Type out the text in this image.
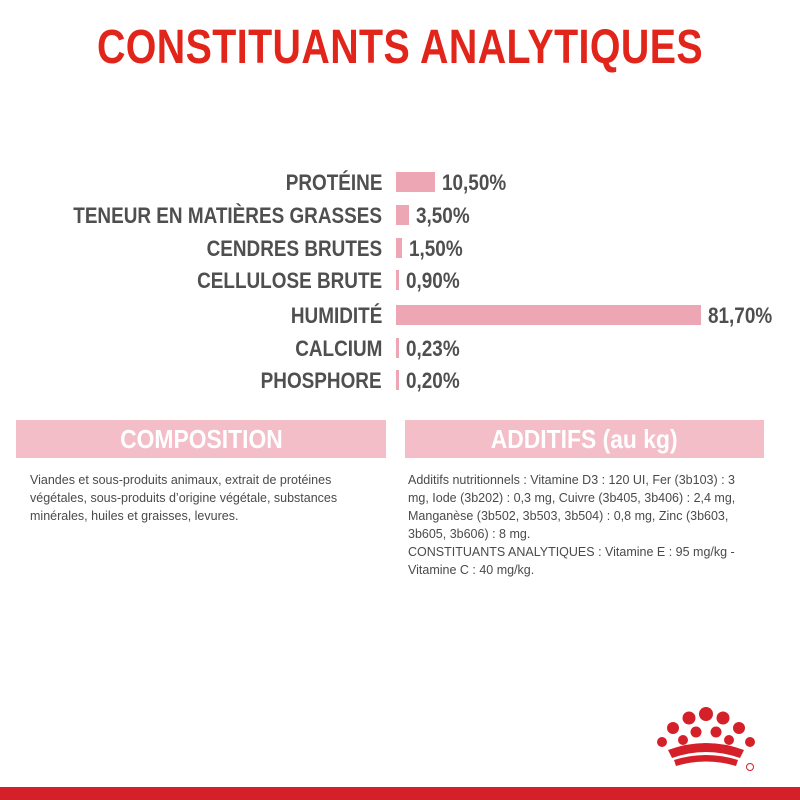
CONSTITUANTS ANALYTIQUES
PROTÉINE	10,50%
TENEUR EN MATIÈRES GRASSES 3,50%
CENDRES BRUTES 1,50%
CELLULOSE BRUTE 0,90%
HUMIDITÉ	81,70%
CALCIUM 0,23%
PHOSPHORE 0,20%
COMPOSITION	ADDITIFS (au kg)
Viandes et sous-produits animaux, extrait de protéines végétales, sous-produits d’origine végétale, substances minérales, huiles et graisses, levures.
Additifs nutritionnels : Vitamine D3 : 120 UI, Fer (3b103) : 3 mg, Iode (3b202) : 0,3 mg, Cuivre (3b405, 3b406) : 2,4 mg, Manganèse (3b502, 3b503, 3b504) : 0,8 mg, Zinc (3b603, 3b605, 3b606) : 8 mg.
CONSTITUANTS ANALYTIQUES : Vitamine E : 95 mg/kg - Vitamine C : 40 mg/kg.
